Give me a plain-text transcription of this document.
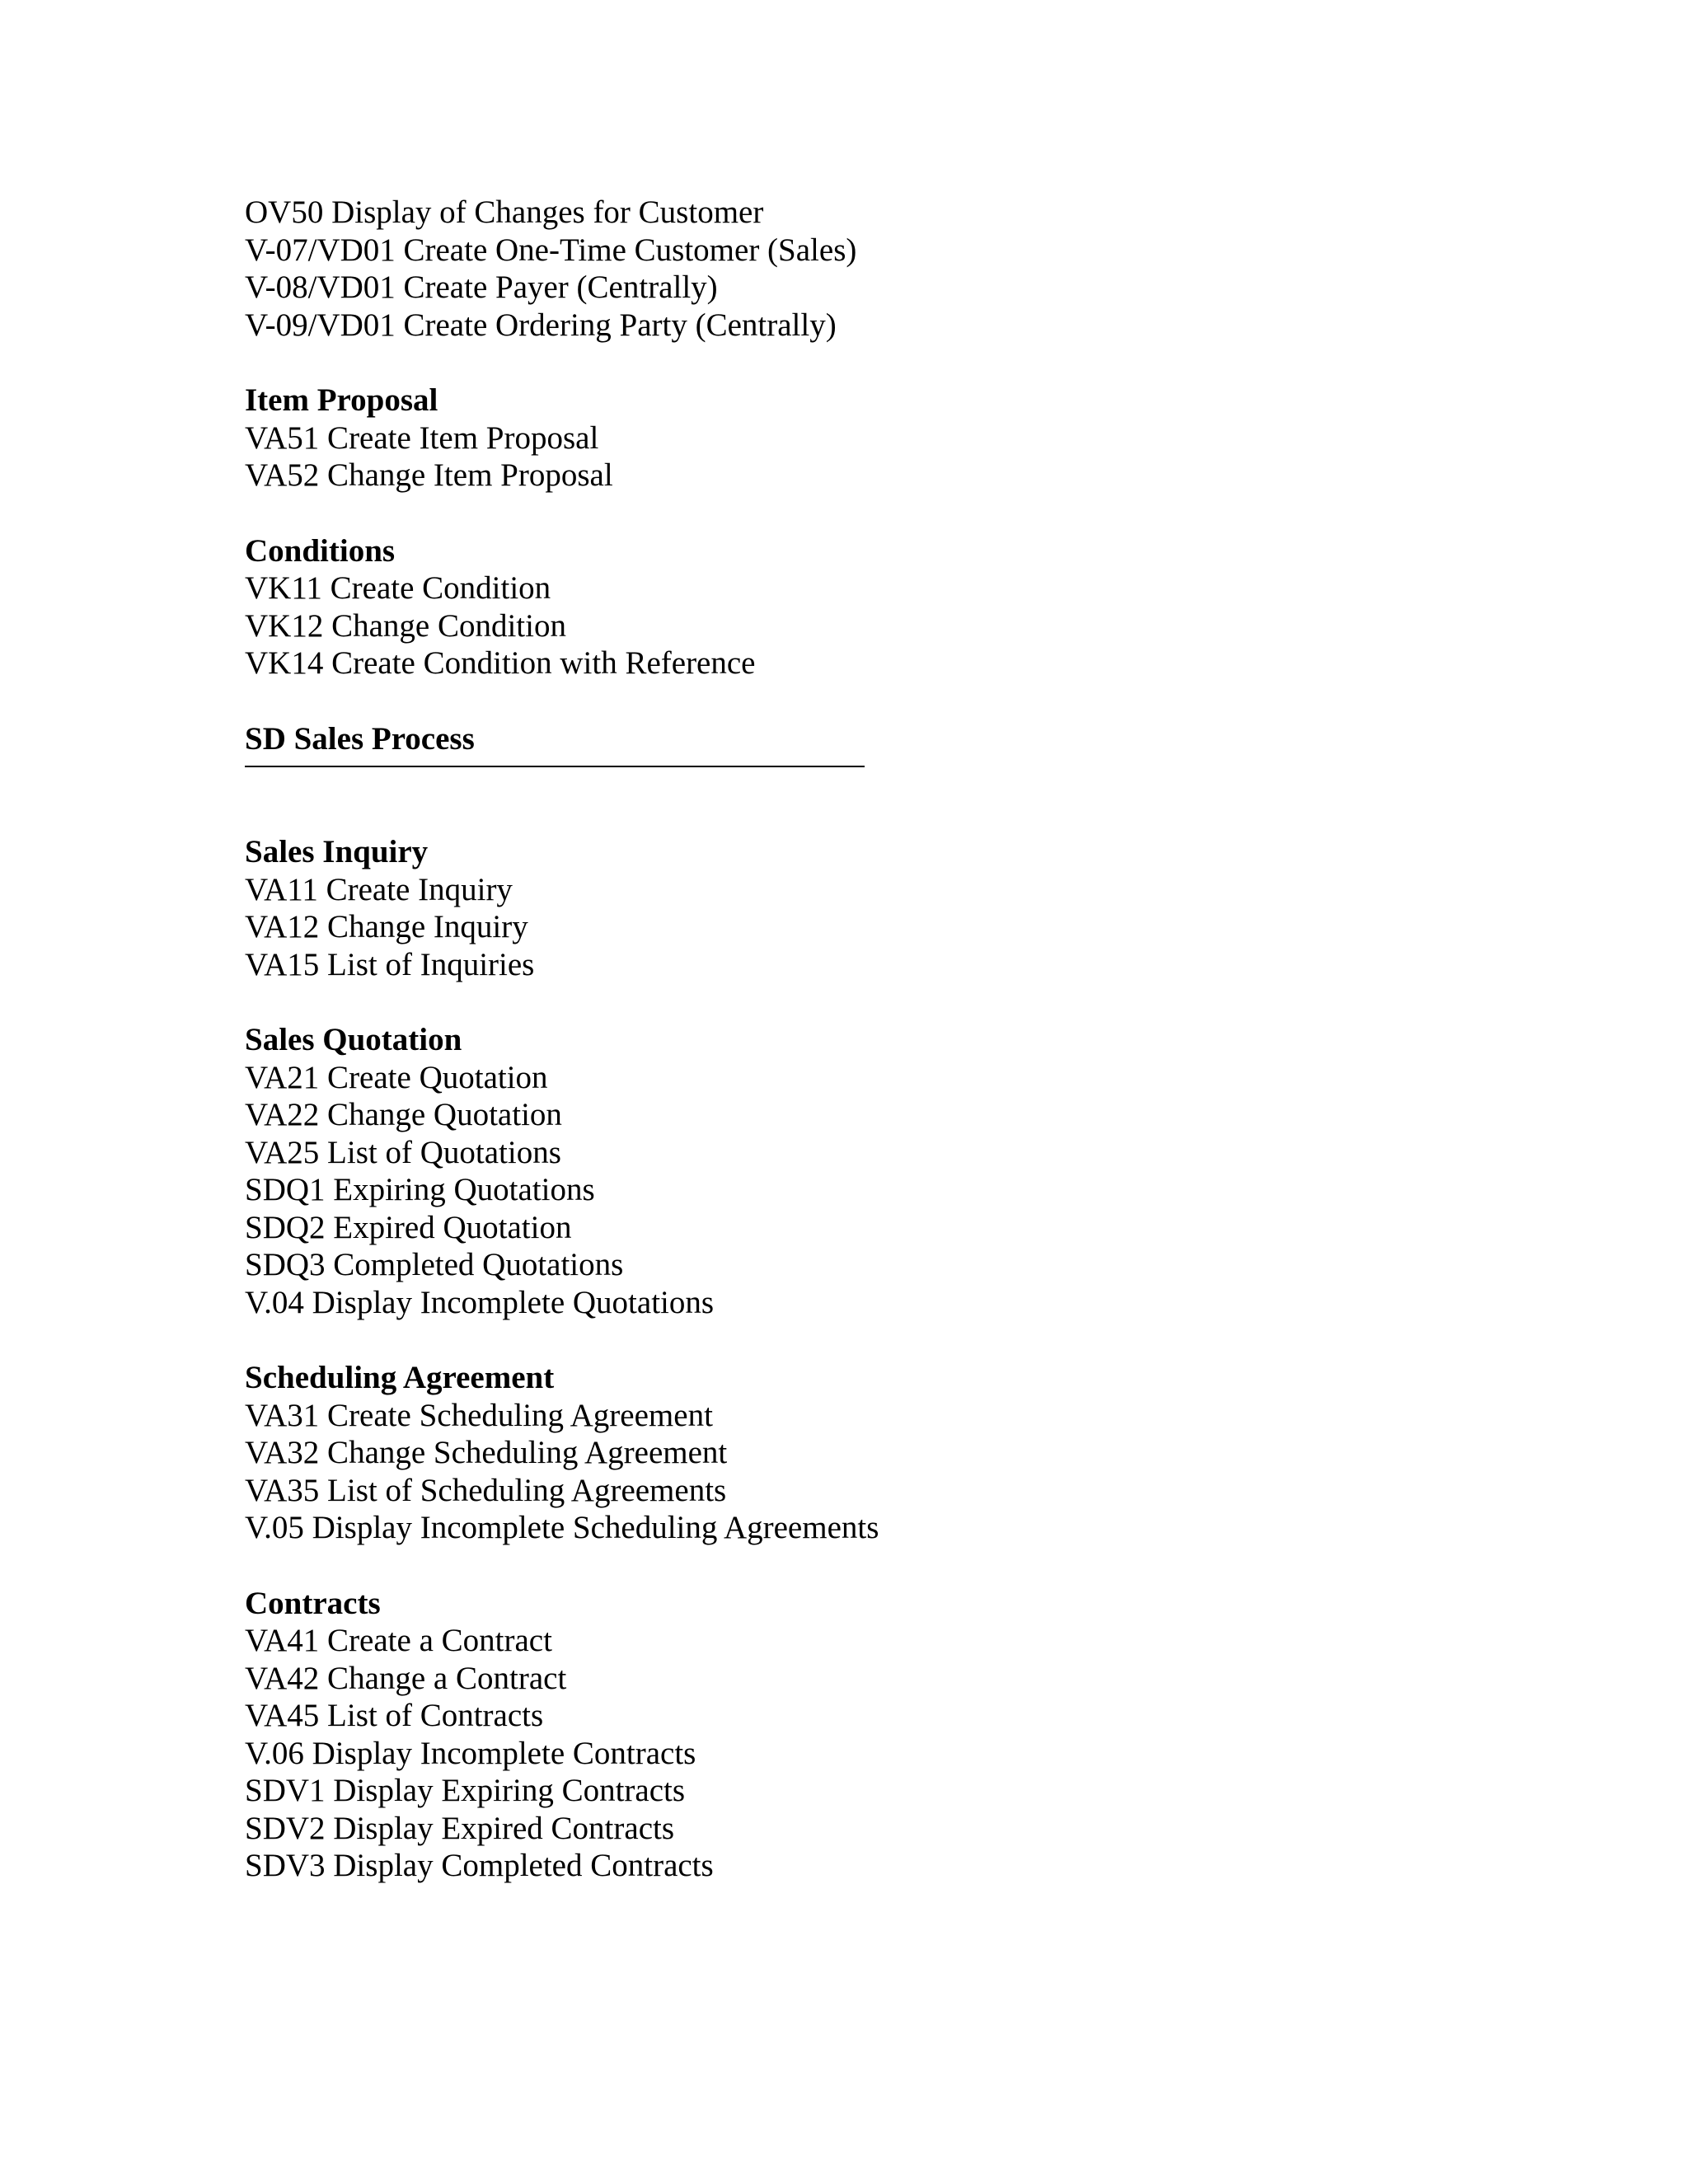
OV50 Display of Changes for Customer
V-07/VD01 Create One-Time Customer (Sales)
V-08/VD01 Create Payer (Centrally)
V-09/VD01 Create Ordering Party (Centrally)
Item Proposal
VA51 Create Item Proposal
VA52 Change Item Proposal
Conditions
VK11 Create Condition
VK12 Change Condition
VK14 Create Condition with Reference
SD Sales Process
Sales Inquiry
VA11 Create Inquiry
VA12 Change Inquiry
VA15 List of Inquiries
Sales Quotation
VA21 Create Quotation
VA22 Change Quotation
VA25 List of Quotations
SDQ1 Expiring Quotations
SDQ2 Expired Quotation
SDQ3 Completed Quotations
V.04 Display Incomplete Quotations
Scheduling Agreement
VA31 Create Scheduling Agreement
VA32 Change Scheduling Agreement
VA35 List of Scheduling Agreements
V.05 Display Incomplete Scheduling Agreements
Contracts
VA41 Create a Contract
VA42 Change a Contract
VA45 List of Contracts
V.06 Display Incomplete Contracts
SDV1 Display Expiring Contracts
SDV2 Display Expired Contracts
SDV3 Display Completed Contracts
